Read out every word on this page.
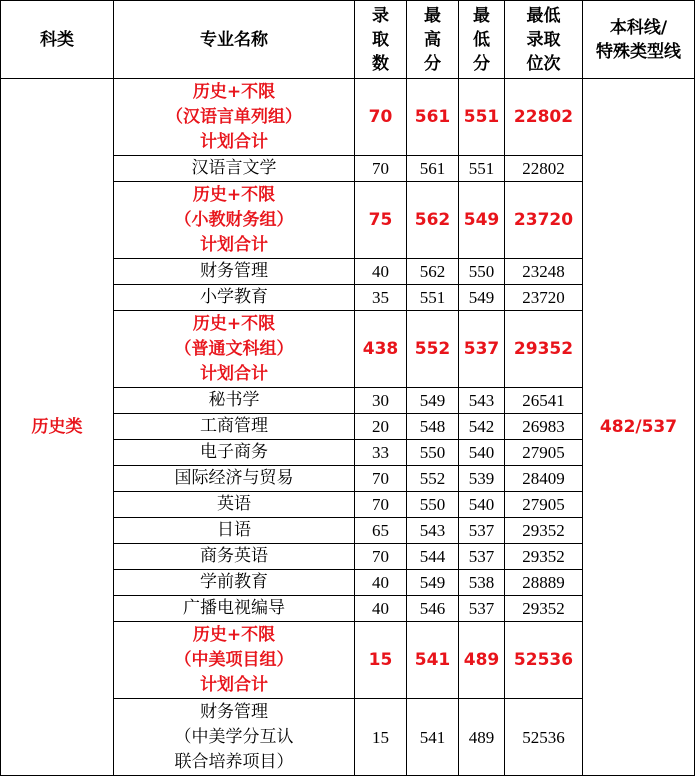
科类	专业名称	录
取
数	最
高
分	最
低
分	最低
录取
位次	本科线/
特殊类型线

历史类	历史+不限
（汉语言单列组）
计划合计	70	561	551	22802	482/537

	汉语言文学	70	561	551	22802	

	历史+不限
（小教财务组）
计划合计	75	562	549	23720	

	财务管理	40	562	550	23248	

	小学教育	35	551	549	23720	

	历史+不限
（普通文科组）
计划合计	438	552	537	29352	

	秘书学	30	549	543	26541	

	工商管理	20	548	542	26983	

	电子商务	33	550	540	27905	

	国际经济与贸易	70	552	539	28409	

	英语	70	550	540	27905	

	日语	65	543	537	29352	

	商务英语	70	544	537	29352	

	学前教育	40	549	538	28889	

	广播电视编导	40	546	537	29352	

	历史+不限
（中美项目组）
计划合计	15	541	489	52536	

	财务管理
（中美学分互认
联合培养项目）	15	541	489	52536	
